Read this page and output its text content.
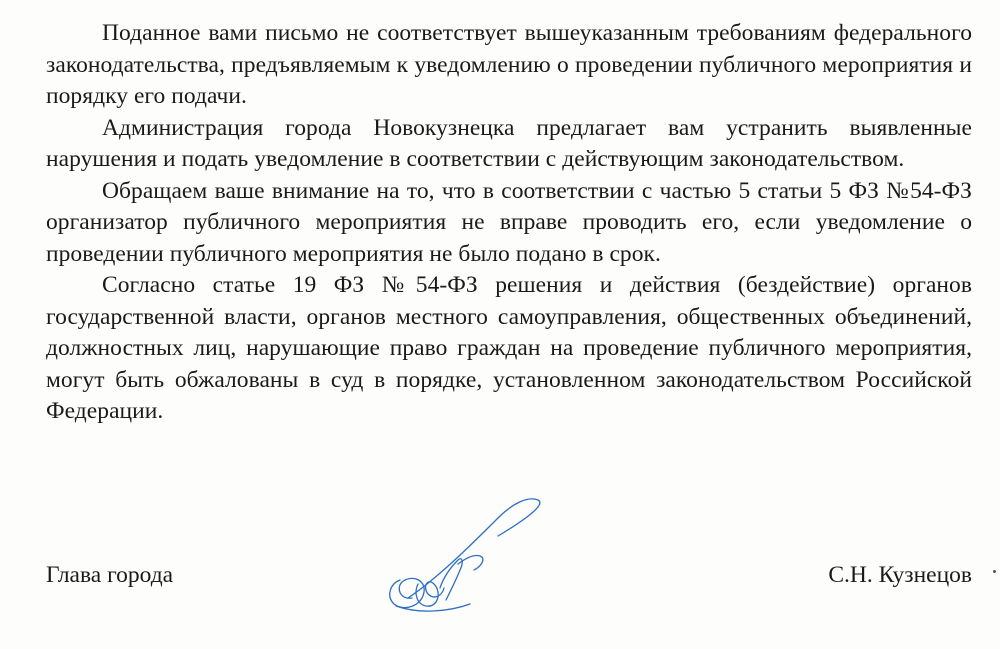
Поданное вами письмо не соответствует вышеуказанным требованиям федерального законодательства, предъявляемым к уведомлению о проведении публичного мероприятия и порядку его подачи.

Администрация города Новокузнецка предлагает вам устранить выявленные нарушения и подать уведомление в соответствии с действующим законодательством.

Обращаем ваше внимание на то, что в соответствии с частью 5 статьи 5 ФЗ №54-ФЗ организатор публичного мероприятия не вправе проводить его, если уведомление о проведении публичного мероприятия не было подано в срок.

Согласно статье 19 ФЗ №54-ФЗ решения и действия (бездействие) органов государственной власти, органов местного самоуправления, общественных объединений, должностных лиц, нарушающие право граждан на проведение публичного мероприятия, могут быть обжалованы в суд в порядке, установленном законодательством Российской Федерации.

Глава города	С.Н. Кузнецов
